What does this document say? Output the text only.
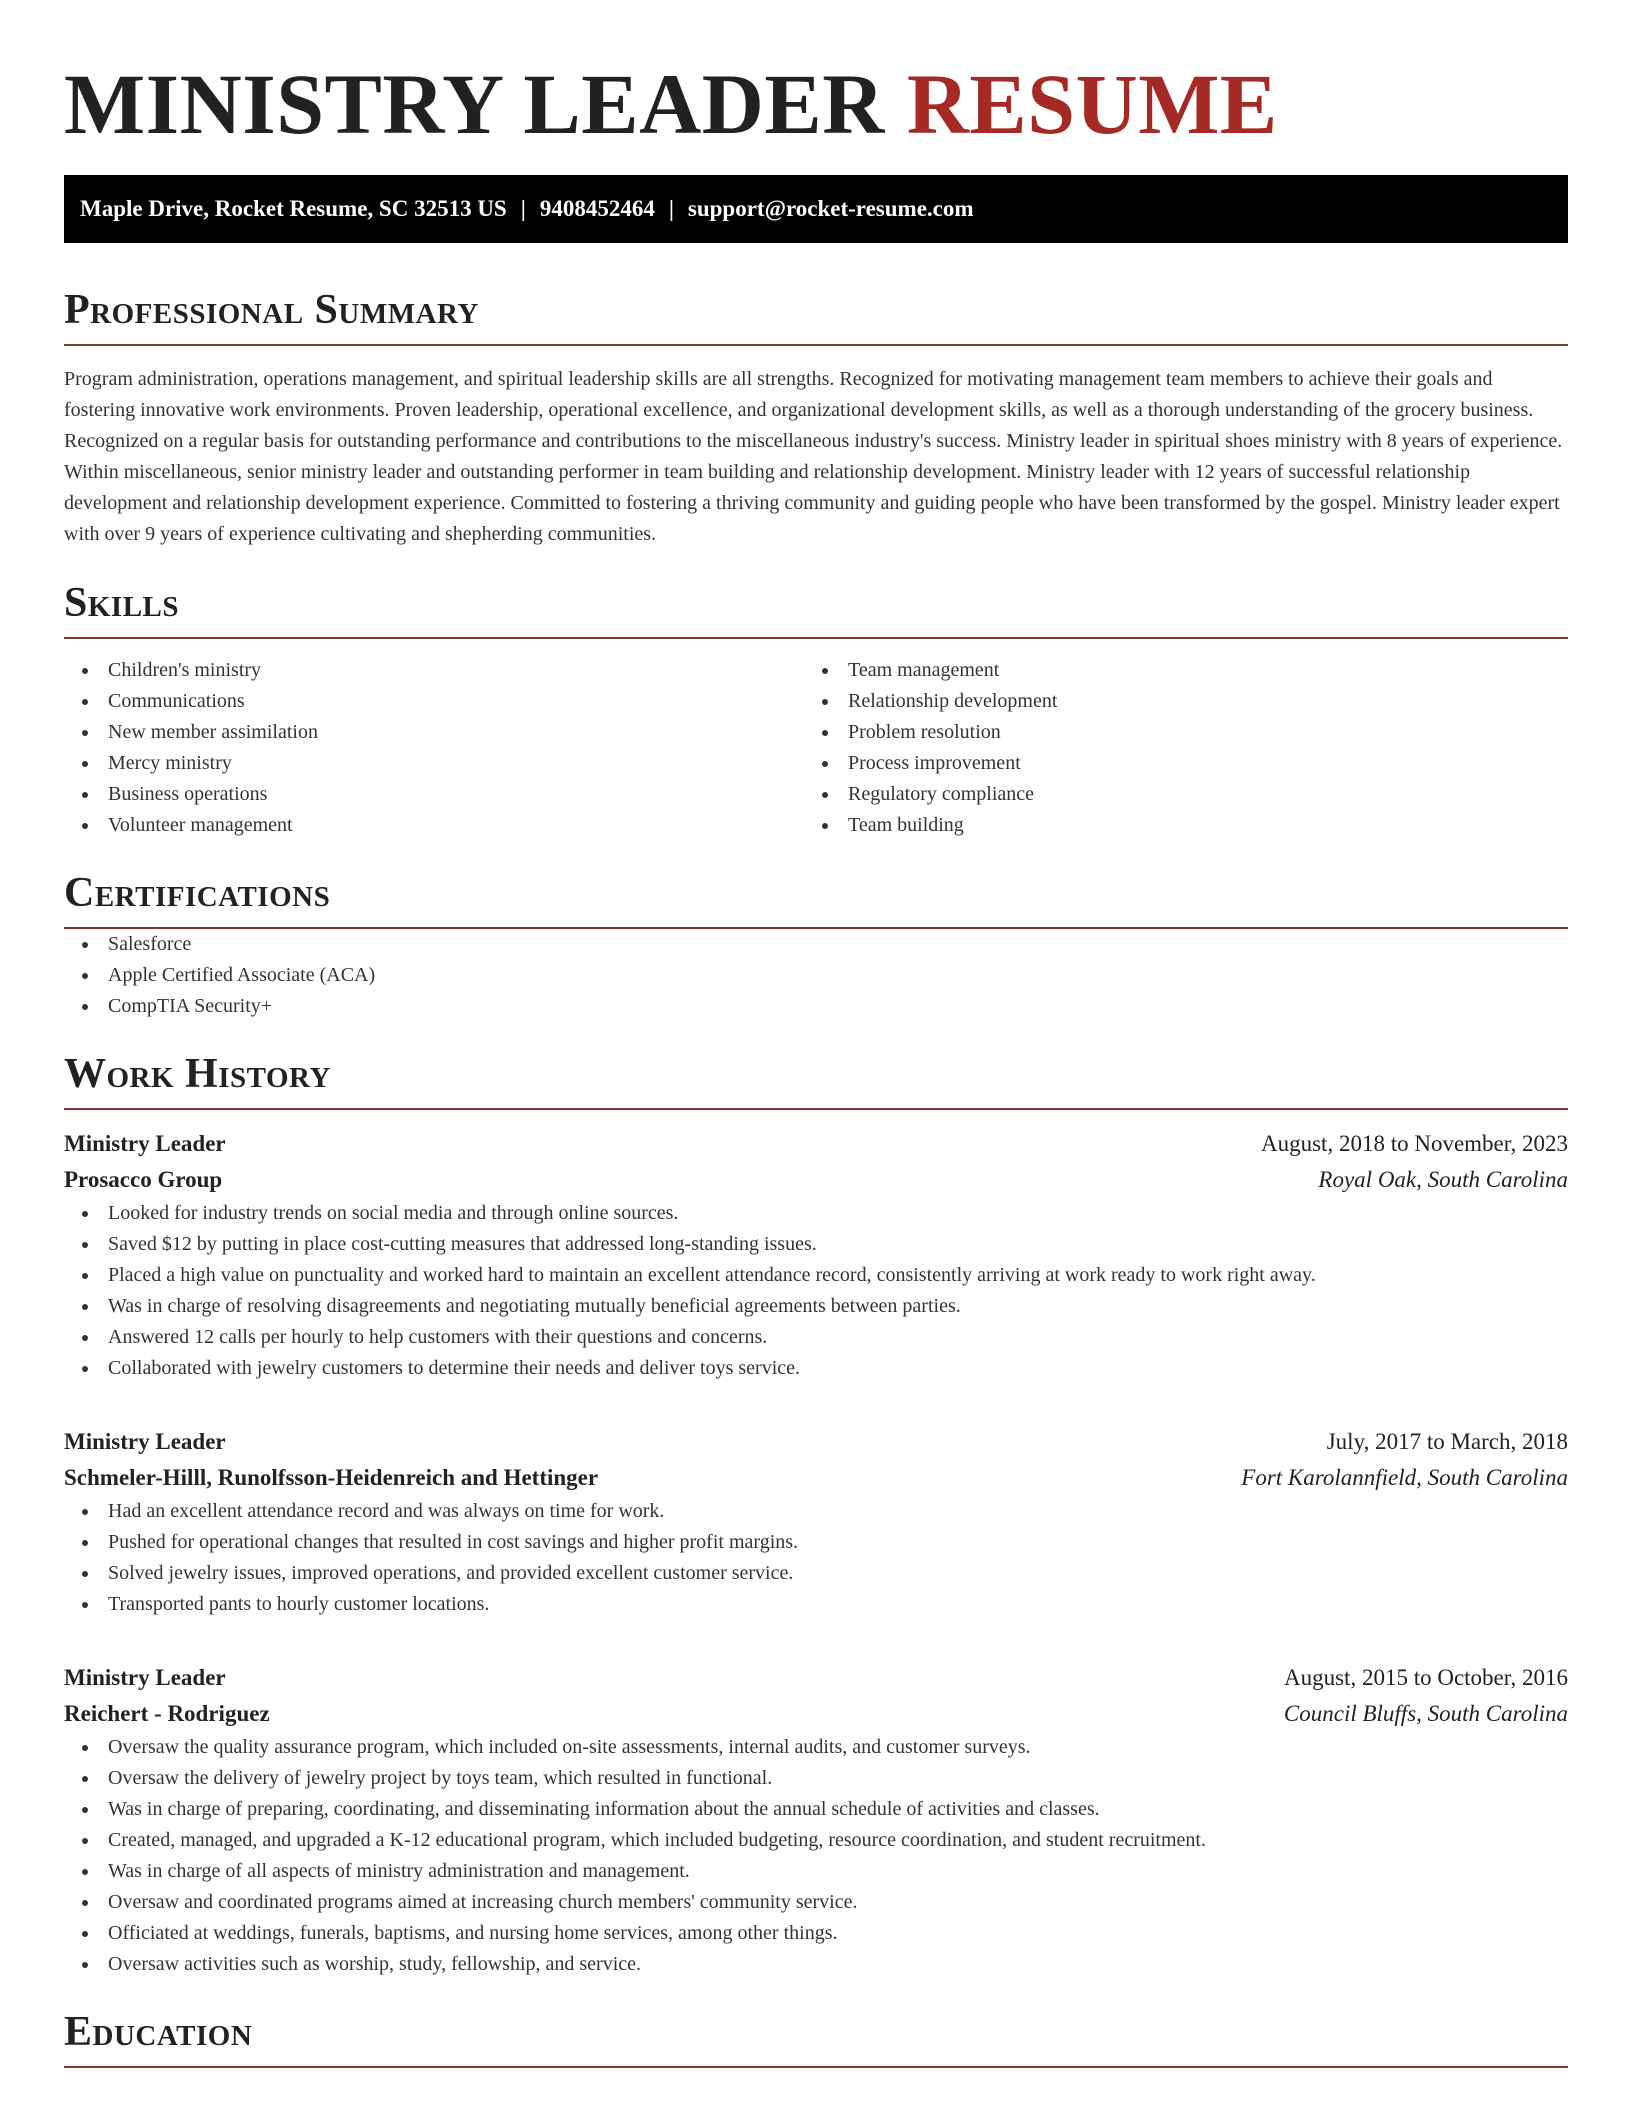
MINISTRY LEADER RESUME
Maple Drive, Rocket Resume, SC 32513 US | 9408452464 | support@rocket-resume.com
Professional Summary

Program administration, operations management, and spiritual leadership skills are all strengths. Recognized for motivating management team members to achieve their goals and fostering innovative work environments. Proven leadership, operational excellence, and organizational development skills, as well as a thorough understanding of the grocery business. Recognized on a regular basis for outstanding performance and contributions to the miscellaneous industry's success. Ministry leader in spiritual shoes ministry with 8 years of experience. Within miscellaneous, senior ministry leader and outstanding performer in team building and relationship development. Ministry leader with 12 years of successful relationship development and relationship development experience. Committed to fostering a thriving community and guiding people who have been transformed by the gospel. Ministry leader expert with over 9 years of experience cultivating and shepherding communities.

Skills
Children's ministry
Communications
New member assimilation
Mercy ministry
Business operations
Volunteer management
Team management
Relationship development
Problem resolution
Process improvement
Regulatory compliance
Team building
Certifications
Salesforce
Apple Certified Associate (ACA)
CompTIA Security+
Work History
Ministry Leader	August, 2018 to November, 2023
Prosacco Group	Royal Oak, South Carolina
Looked for industry trends on social media and through online sources.
Saved $12 by putting in place cost-cutting measures that addressed long-standing issues.
Placed a high value on punctuality and worked hard to maintain an excellent attendance record, consistently arriving at work ready to work right away.
Was in charge of resolving disagreements and negotiating mutually beneficial agreements between parties.
Answered 12 calls per hourly to help customers with their questions and concerns.
Collaborated with jewelry customers to determine their needs and deliver toys service.
Ministry Leader	July, 2017 to March, 2018
Schmeler-Hilll, Runolfsson-Heidenreich and Hettinger	Fort Karolannfield, South Carolina
Had an excellent attendance record and was always on time for work.
Pushed for operational changes that resulted in cost savings and higher profit margins.
Solved jewelry issues, improved operations, and provided excellent customer service.
Transported pants to hourly customer locations.
Ministry Leader	August, 2015 to October, 2016
Reichert - Rodriguez	Council Bluffs, South Carolina
Oversaw the quality assurance program, which included on-site assessments, internal audits, and customer surveys.
Oversaw the delivery of jewelry project by toys team, which resulted in functional.
Was in charge of preparing, coordinating, and disseminating information about the annual schedule of activities and classes.
Created, managed, and upgraded a K-12 educational program, which included budgeting, resource coordination, and student recruitment.
Was in charge of all aspects of ministry administration and management.
Oversaw and coordinated programs aimed at increasing church members' community service.
Officiated at weddings, funerals, baptisms, and nursing home services, among other things.
Oversaw activities such as worship, study, fellowship, and service.
Education
